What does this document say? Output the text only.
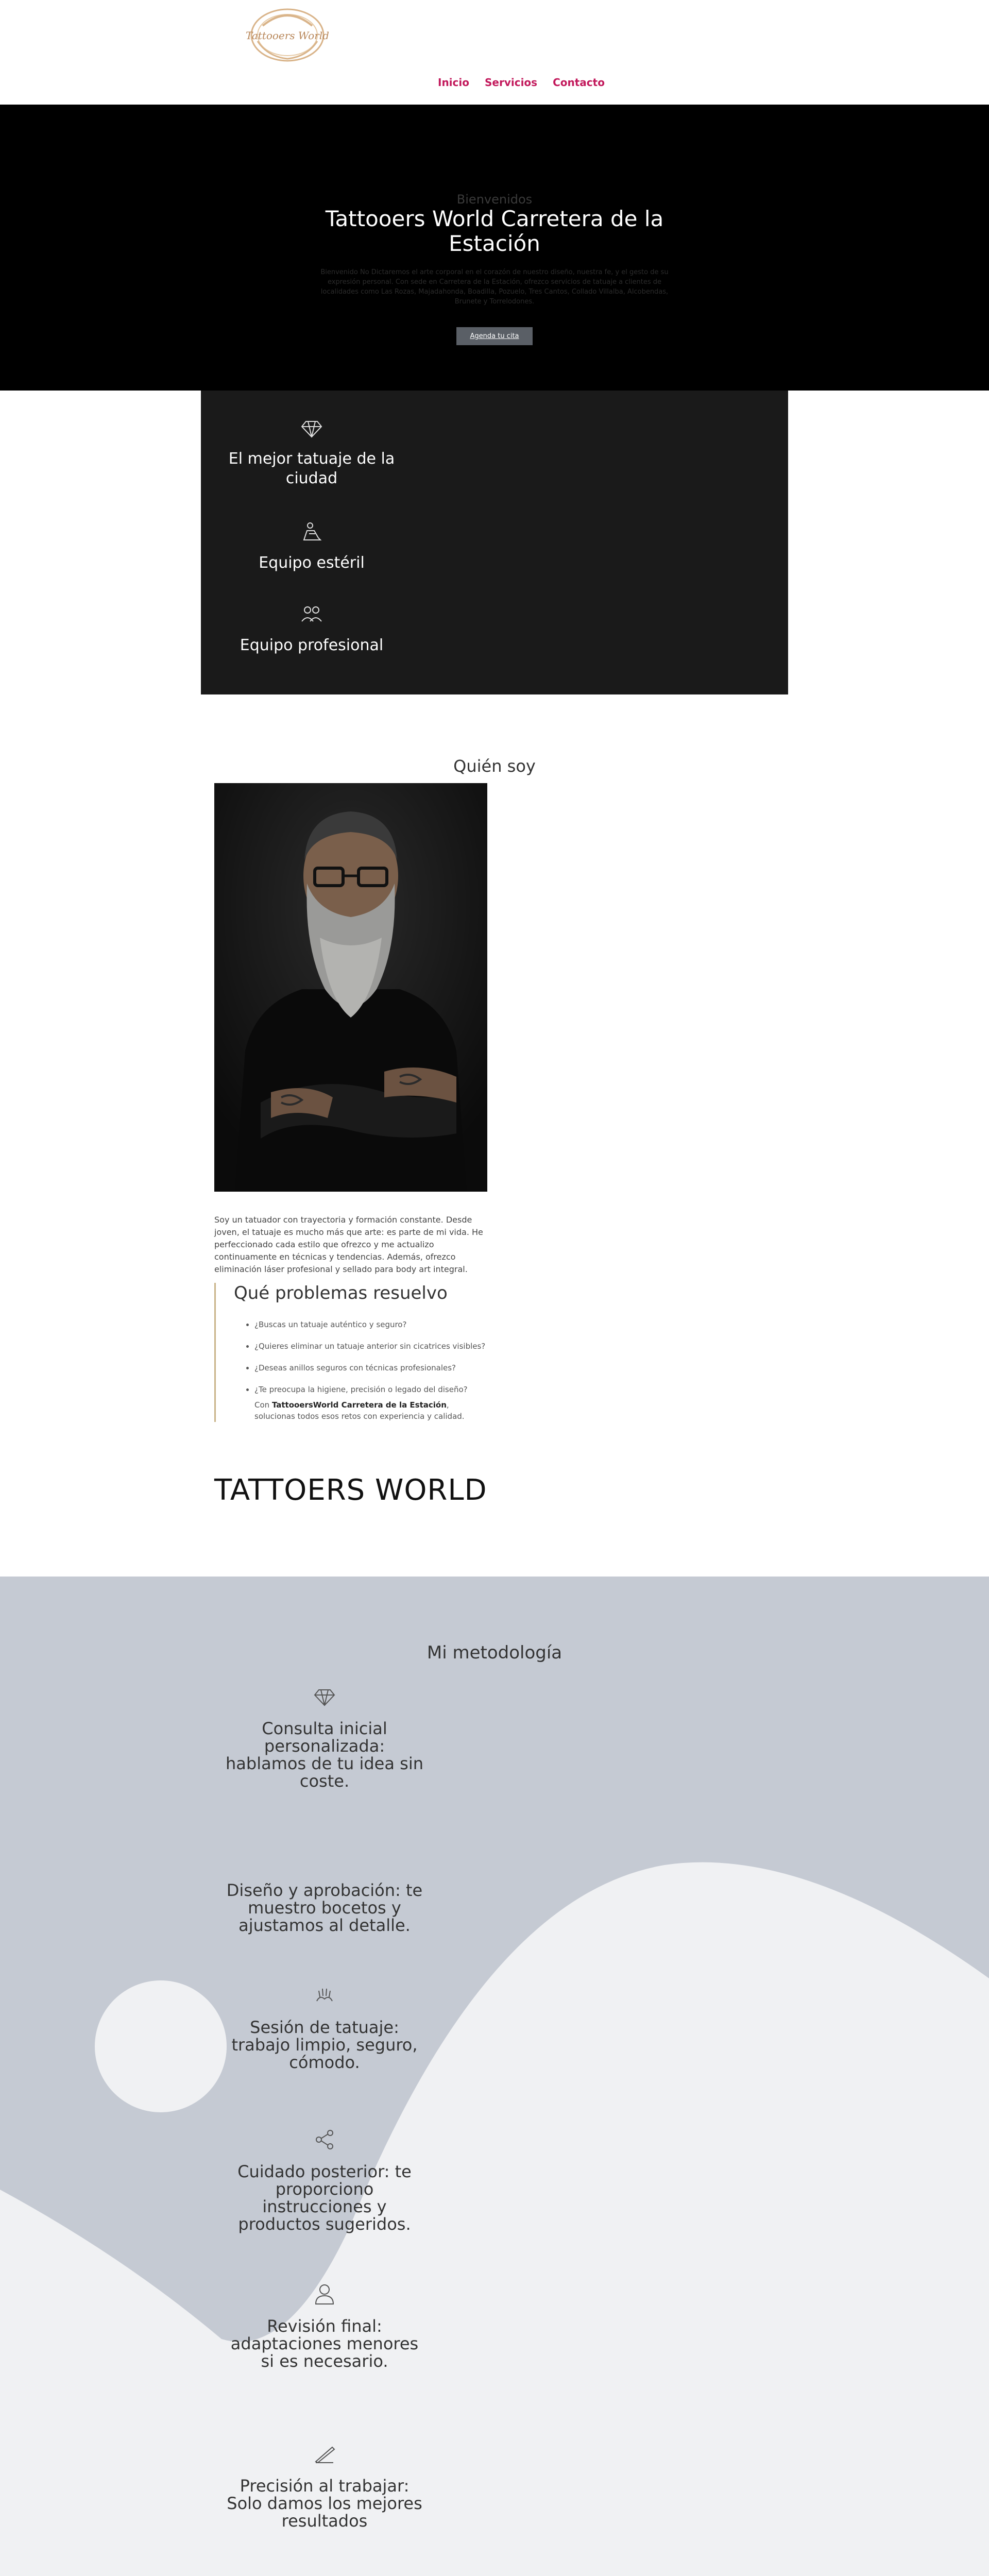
Tattooers World
Inicio Servicios Contacto
Bienvenidos
Tattooers World Carretera de la Estación

Bienvenido No Dictaremos el arte corporal en el corazón de nuestro diseño, nuestra fe, y el gesto de su expresión personal. Con sede en Carretera de la Estación, ofrezco servicios de tatuaje a clientes de localidades como Las Rozas, Majadahonda, Boadilla, Pozuelo, Tres Cantos, Collado Villalba, Alcobendas, Brunete y Torrelodones.

Agenda tu cita
El mejor tatuaje de la ciudad
Equipo estéril
Equipo profesional
Quién soy

Soy un tatuador con trayectoria y formación constante. Desde joven, el tatuaje es mucho más que arte: es parte de mi vida. He perfeccionado cada estilo que ofrezco y me actualizo continuamente en técnicas y tendencias. Además, ofrezco eliminación láser profesional y sellado para body art integral.

Qué problemas resuelvo
• ¿Buscas un tatuaje auténtico y seguro?
• ¿Quieres eliminar un tatuaje anterior sin cicatrices visibles?
• ¿Deseas anillos seguros con técnicas profesionales?
• ¿Te preocupa la higiene, precisión o legado del diseño?

Con TattooersWorld Carretera de la Estación, solucionas todos esos retos con experiencia y calidad.

TATTOERS WORLD
Mi metodología
Consulta inicial personalizada: hablamos de tu idea sin coste.
Diseño y aprobación: te muestro bocetos y ajustamos al detalle.
Sesión de tatuaje: trabajo limpio, seguro, cómodo.
Cuidado posterior: te proporciono instrucciones y productos sugeridos.
Revisión final: adaptaciones menores si es necesario.
Precisión al trabajar: Solo damos los mejores resultados
